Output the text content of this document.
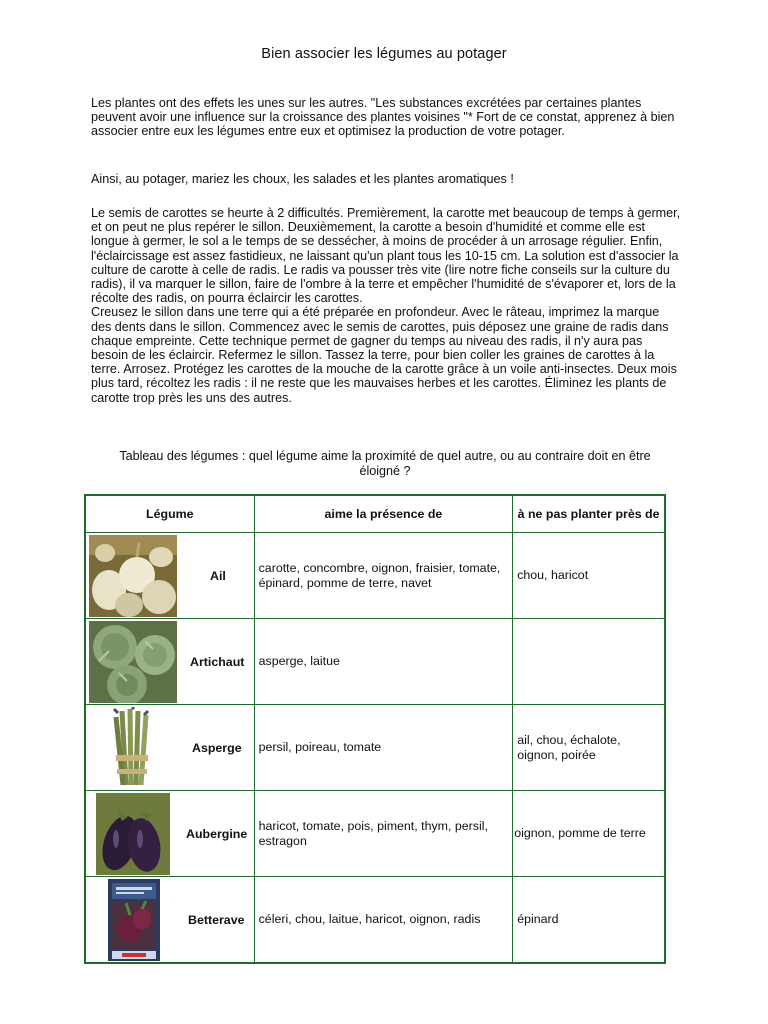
Bien associer les légumes au potager

Les plantes ont des effets les unes sur les autres. "Les substances excrétées par certaines plantes peuvent avoir une influence sur la croissance des plantes voisines "* Fort de ce constat, apprenez à bien associer entre eux les légumes entre eux et optimisez la production de votre potager.

Ainsi, au potager, mariez les choux, les salades et les plantes aromatiques !

Le semis de carottes se heurte à 2 difficultés. Premièrement, la carotte met beaucoup de temps à germer, et on peut ne plus repérer le sillon. Deuxièmement, la carotte a besoin d'humidité et comme elle est longue à germer, le sol a le temps de se dessécher, à moins de procéder à un arrosage régulier. Enfin, l'éclaircissage est assez fastidieux, ne laissant qu'un plant tous les 10-15 cm. La solution est d'associer la culture de carotte à celle de radis. Le radis va pousser très vite (lire notre fiche conseils sur la culture du radis), il va marquer le sillon, faire de l'ombre à la terre et empêcher l'humidité de s'évaporer et, lors de la récolte des radis, on pourra éclaircir les carottes.
Creusez le sillon dans une terre qui a été préparée en profondeur. Avec le râteau, imprimez la marque des dents dans le sillon. Commencez avec le semis de carottes, puis déposez une graine de radis dans chaque empreinte. Cette technique permet de gagner du temps au niveau des radis, il n'y aura pas besoin de les éclaircir. Refermez le sillon. Tassez la terre, pour bien coller les graines de carottes à la terre. Arrosez. Protégez les carottes de la mouche de la carotte grâce à un voile anti-insectes. Deux mois plus tard, récoltez les radis : il ne reste que les mauvaises herbes et les carottes. Éliminez les plants de carotte trop près les uns des autres.

Tableau des légumes : quel légume aime la proximité de quel autre, ou au contraire doit en être éloigné ?
Légume	aime la présence de	à ne pas planter près de

Ail	carotte, concombre, oignon, fraisier, tomate, épinard, pomme de terre, navet	chou, haricot

Artichaut	asperge, laitue	

Asperge	persil, poireau, tomate	ail, chou, échalote, oignon, poirée

Aubergine	haricot, tomate, pois, piment, thym, persil, estragon	oignon, pomme de terre

Betterave	céleri, chou, laitue, haricot, oignon, radis	épinard
